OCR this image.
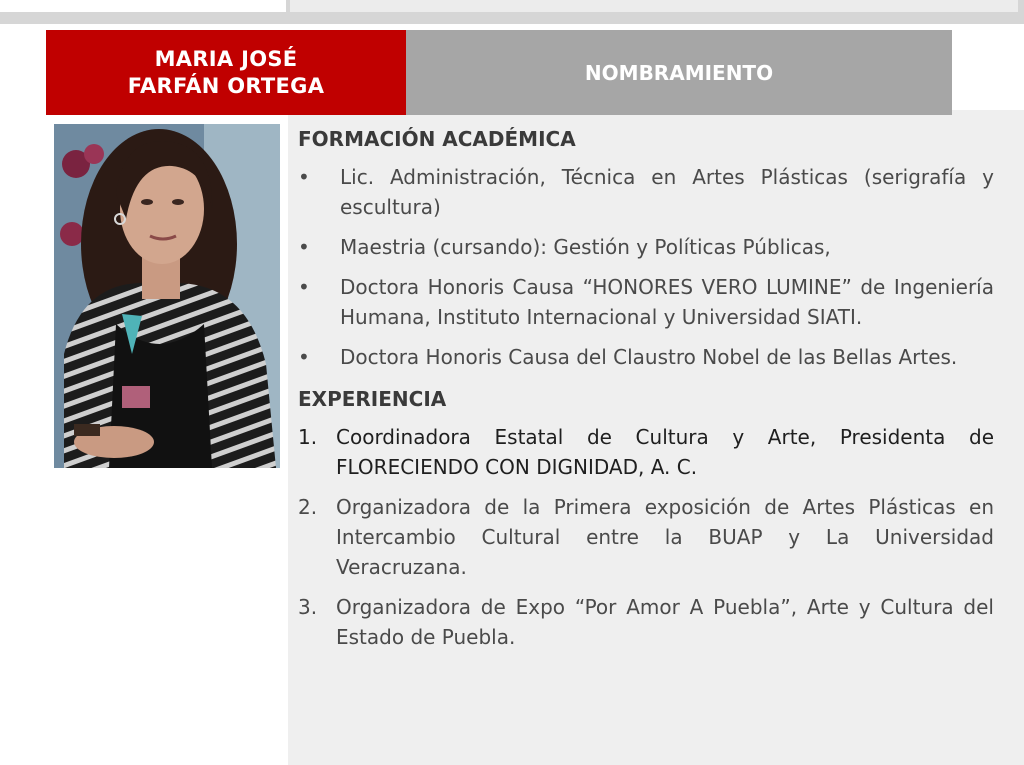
MARIA JOSÉ
FARFÁN ORTEGA
NOMBRAMIENTO
FORMACIÓN ACADÉMICA
•	Lic. Administración, Técnica en Artes Plásticas (serigrafía y escultura)
•	Maestria (cursando): Gestión y Políticas Públicas,
•	Doctora Honoris Causa “HONORES VERO LUMINE” de Ingeniería Humana, Instituto Internacional y Universidad SIATI.
•	Doctora Honoris Causa del Claustro Nobel de las Bellas Artes.
EXPERIENCIA
1. Coordinadora Estatal de Cultura y Arte, Presidenta de FLORECIENDO CON DIGNIDAD, A. C.
2. Organizadora de la Primera exposición de Artes Plásticas en Intercambio Cultural entre la BUAP y La Universidad Veracruzana.
3. Organizadora de Expo “Por Amor A Puebla”, Arte y Cultura del Estado de Puebla.
